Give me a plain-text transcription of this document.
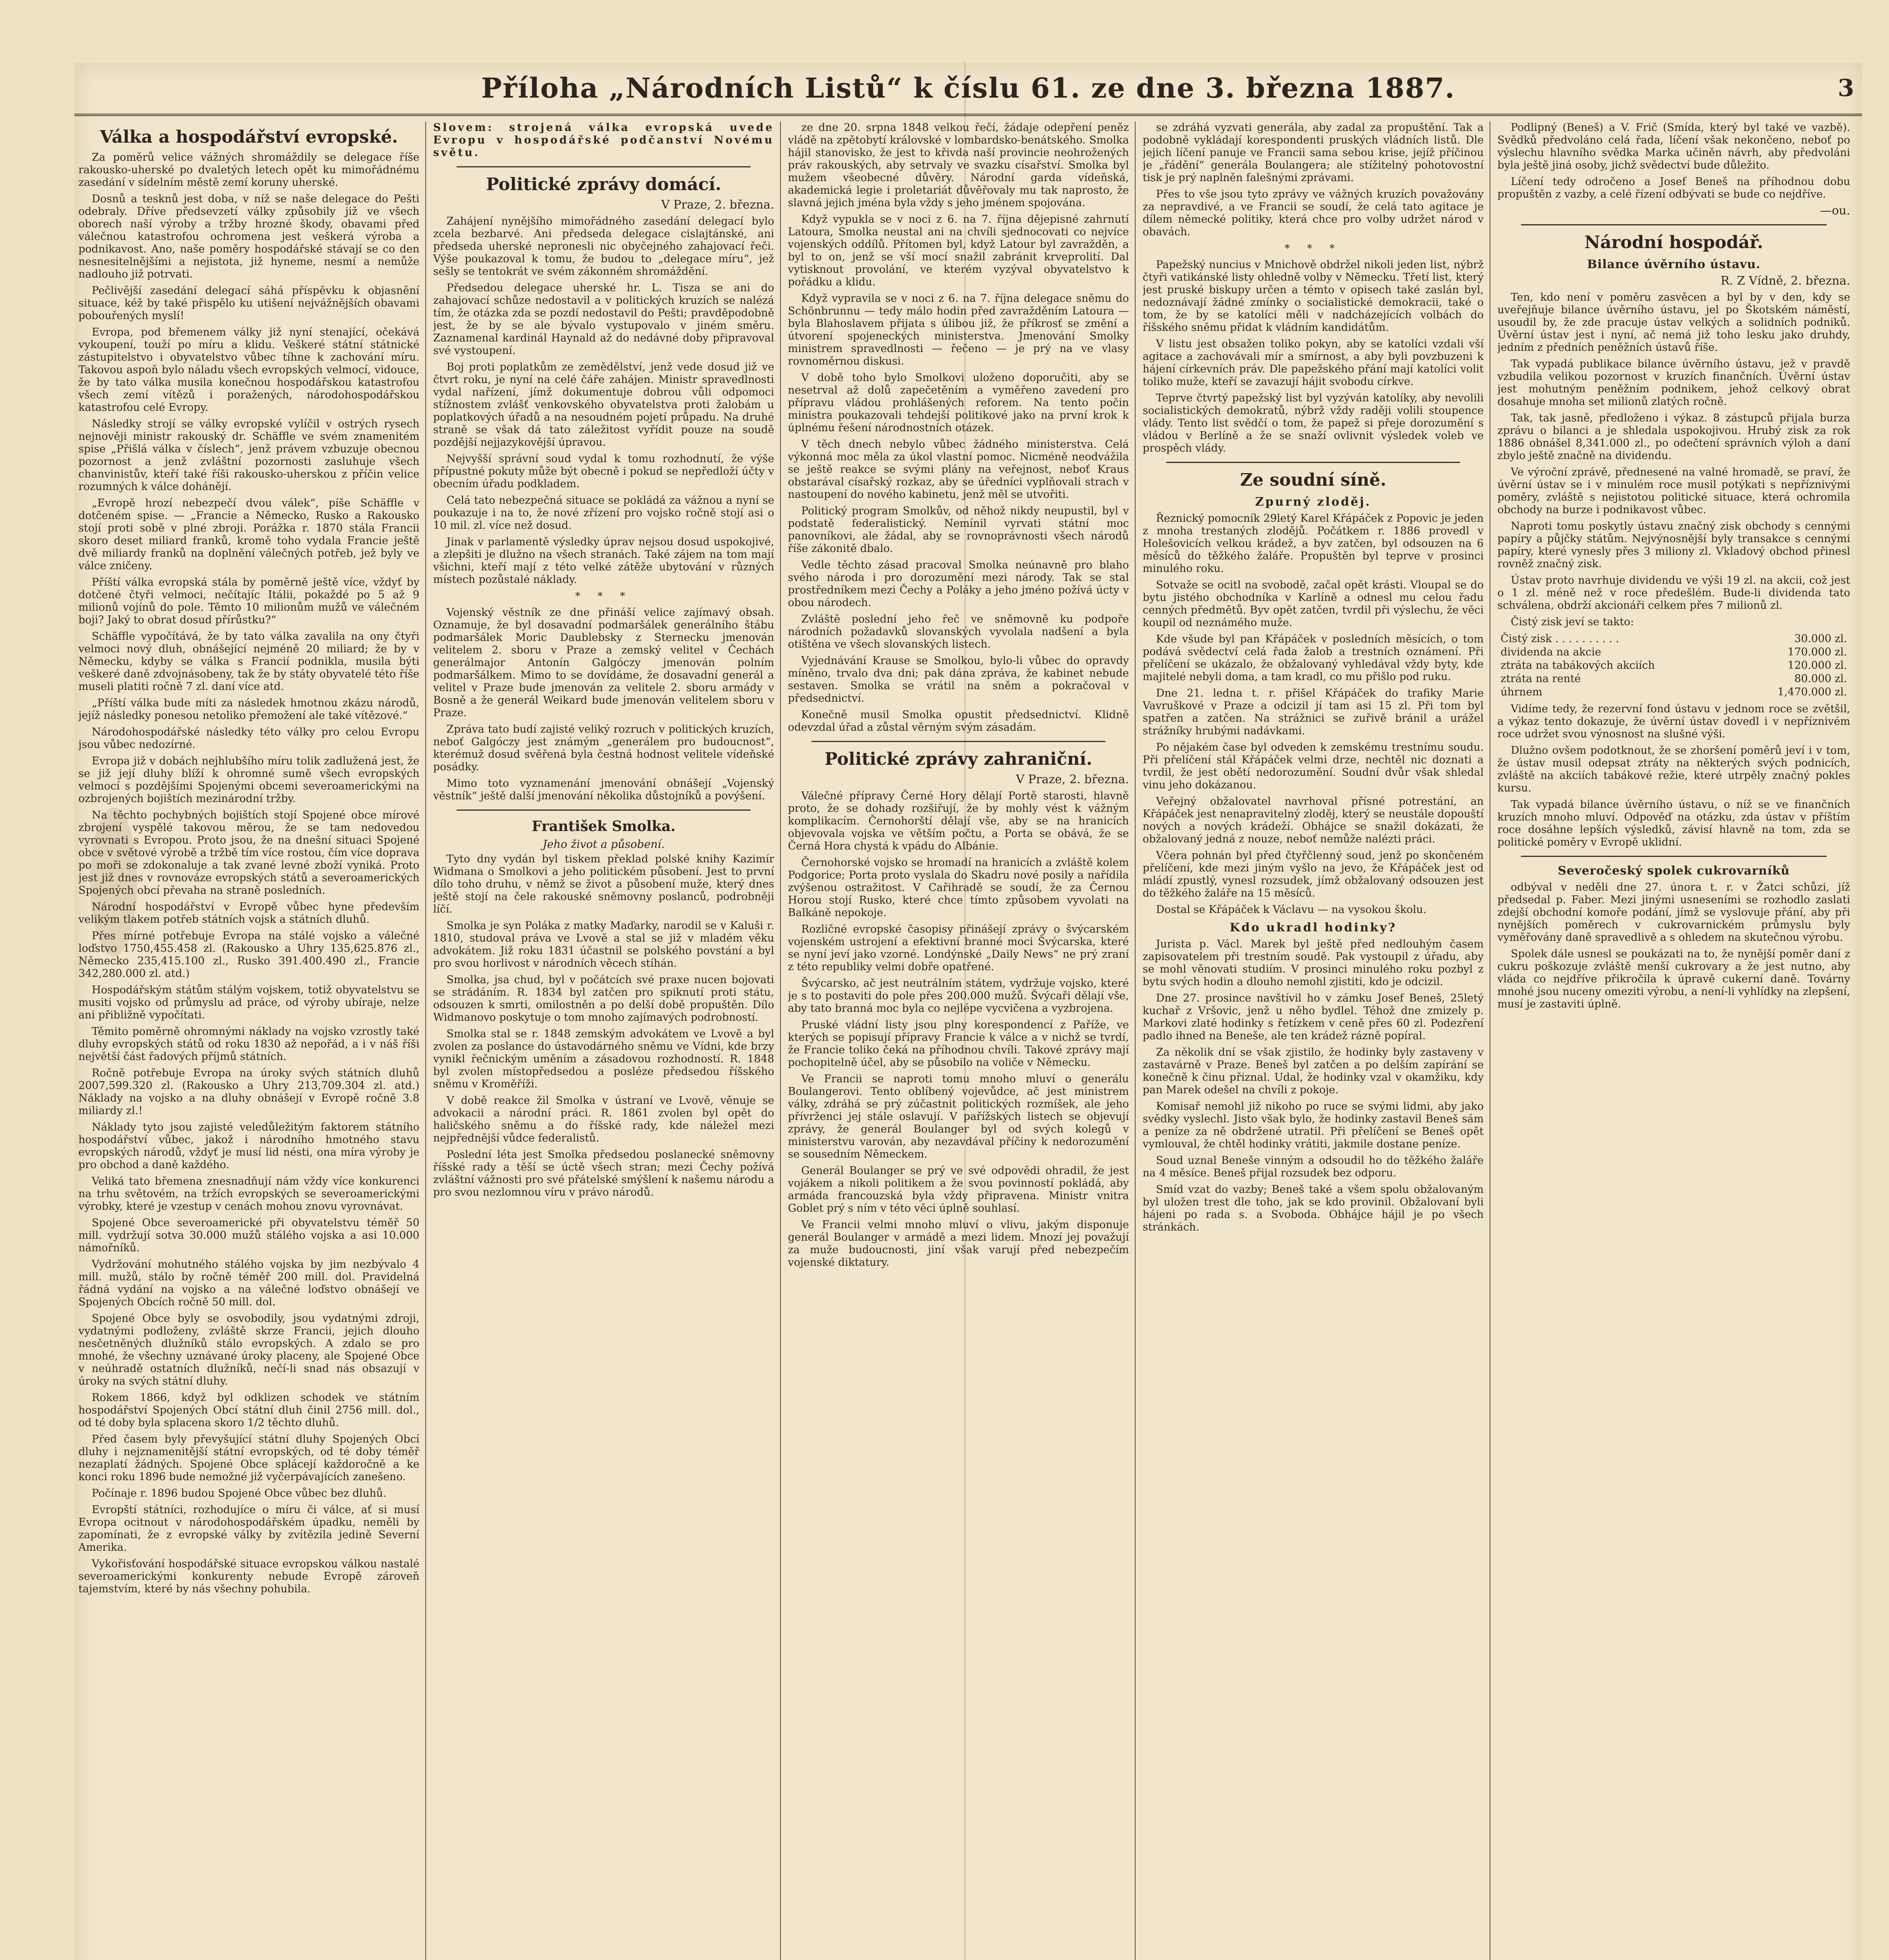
Příloha „Národních Listů“ k číslu 61. ze dne 3. března 1887.	3
Válka a hospodářství evropské.

Za poměrů velice vážných shromáždily se delegace říše rakousko-uherské po dvaletých letech opět ku mimořádnému zasedání v sídelním městě zemí koruny uherské.

Dosnů a tesknů jest doba, v níž se naše delegace do Pešti odebraly. Dříve předsevzetí války způsobily již ve všech oborech naší výroby a tržby hrozné škody, obavami před válečnou katastrofou ochromena jest veškerá výroba a podnikavost. Ano, naše poměry hospodářské stávají se co den nesnesitelnějšími a nejistota, již hyneme, nesmí a nemůže nadlouho již potrvati.

Pečlivější zasedání delegací sáhá příspěvku k objasnění situace, kéž by také přispělo ku utišení nejvážnějších obavami pobouřených myslí!

Evropa, pod břemenem války již nyní stenající, očekává vykoupení, touží po míru a klidu. Veškeré státní státnické zástupitelstvo i obyvatelstvo vůbec tíhne k zachování míru. Takovou aspoň bylo náladu všech evropských velmocí, vidouce, že by tato válka musila konečnou hospodářskou katastrofou všech zemí vítězů i poražených, národohospodářskou katastrofou celé Evropy.

Následky strojí se války evropské vylíčil v ostrých rysech nejnověji ministr rakouský dr. Schäffle ve svém znamenitém spise „Přišlá válka v číslech“, jenž právem vzbuzuje obecnou pozornost a jenž zvláštní pozornosti zasluhuje všech chanvinistův, kteří také říši rakousko-uherskou z příčin velice rozumných k válce dohánějí.

„Evropě hrozí nebezpečí dvou válek“, píše Schäffle v dotčeném spise. — „Francie a Německo, Rusko a Rakousko stojí proti sobě v plné zbroji. Porážka r. 1870 stála Francii skoro deset miliard franků, kromě toho vydala Francie ještě dvě miliardy franků na doplnění válečných potřeb, jež byly ve válce zničeny.

Příští válka evropská stála by poměrně ještě více, vždyť by dotčené čtyři velmoci, nečítajíc Itálii, pokaždé po 5 až 9 milionů vojínů do pole. Těmto 10 milionům mužů ve válečném boji? Jaký to obrat dosud přírůstku?“

Schäffle vypočítává, že by tato válka zavalila na ony čtyři velmoci nový dluh, obnášející nejméně 20 miliard; že by v Německu, kdyby se válka s Francií podnikla, musila býti veškeré daně zdvojnásobeny, tak že by státy obyvatelé této říše museli platiti ročně 7 zl. daní více atd.

„Příští válka bude míti za následek hmotnou zkázu národů, jejíž následky ponesou netoliko přemožení ale také vítězové.“

Národohospodářské následky této války pro celou Evropu jsou vůbec nedozírné.

Evropa již v dobách nejhlubšího míru tolik zadlužená jest, že se již její dluhy blíží k ohromné sumě všech evropských velmocí s pozdějšími Spojenými obcemi severoamerickými na ozbrojených bojištích mezinárodní tržby.

Na těchto pochybných bojištích stojí Spojené obce mírové zbrojení vyspělé takovou měrou, že se tam nedovedou vyrovnati s Evropou. Proto jsou, že na dnešní situaci Spojené obce v světové výrobě a tržbě tím více rostou, čím více doprava po moři se zdokonaluje a tak zvané levné zboží vyniká. Proto jest již dnes v rovnováze evropských států a severoamerických Spojených obcí převaha na straně posledních.

Národní hospodářství v Evropě vůbec hyne především velikým tlakem potřeb státních vojsk a státních dluhů.

Přes mírné potřebuje Evropa na stálé vojsko a válečné loďstvo 1750,455.458 zl. (Rakousko a Uhry 135,625.876 zl., Německo 235,415.100 zl., Rusko 391.400.490 zl., Francie 342,280.000 zl. atd.)

Hospodářským státům stálým vojskem, totiž obyvatelstvu se musiti vojsko od průmyslu ad práce, od výroby ubíraje, nelze ani přibližně vypočítati.

Těmito poměrně ohromnými náklady na vojsko vzrostly také dluhy evropských států od roku 1830 až nepořád, a i v náš říši největší část řadových příjmů státních.

Ročně potřebuje Evropa na úroky svých státních dluhů 2007,599.320 zl. (Rakousko a Uhry 213,709.304 zl. atd.) Náklady na vojsko a na dluhy obnášejí v Evropě ročně 3.8 miliardy zl.!

Náklady tyto jsou zajisté veledůležitým faktorem státního hospodářství vůbec, jakož i národního hmotného stavu evropských národů, vždyť je musí lid nésti, ona míra výroby je pro obchod a daně každého.

Veliká tato břemena znesnadňují nám vždy více konkurenci na trhu světovém, na tržích evropských se severoamerickými výrobky, které je vzestup v cenách mohou znovu vyrovnávat.

Spojené Obce severoamerické při obyvatelstvu téměř 50 mill. vydržují sotva 30.000 mužů stálého vojska a asi 10.000 námořníků.

Vydržování mohutného stálého vojska by jim nezbývalo 4 mill. mužů, stálo by ročně téměř 200 mill. dol. Pravidelná řádná vydání na vojsko a na válečné loďstvo obnášejí ve Spojených Obcích ročně 50 mill. dol.

Spojené Obce byly se osvobodily, jsou vydatnými zdroji, vydatnými podloženy, zvláště skrze Francii, jejich dlouho nesčetněných dlužníků stálo evropských. A zdalo se pro mnohé, že všechny uznávané úroky placeny, ale Spojené Obce v neúhradě ostatních dlužníků, nečí-li snad nás obsazují v úroky na svých státní dluhy.

Rokem 1866, když byl odklizen schodek ve státním hospodářství Spojených Obcí státní dluh činil 2756 mill. dol., od té doby byla splacena skoro 1/2 těchto dluhů.

Před časem byly převyšující státní dluhy Spojených Obcí dluhy i nejznamenitější státní evropských, od té doby téměř nezaplatí žádných. Spojené Obce splácejí každoročně a ke konci roku 1896 bude nemožné již vyčerpávajících zanešeno.

Počínaje r. 1896 budou Spojené Obce vůbec bez dluhů.

Evropští státníci, rozhodujíce o míru či válce, ať si musí Evropa ocitnout v národohospodářském úpadku, neměli by zapomínati, že z evropské války by zvítězila jedině Severní Amerika.

Vykořisťování hospodářské situace evropskou válkou nastalé severoamerickými konkurenty nebude Evropě zároveň tajemstvím, které by nás všechny pohubila.

Slovem: strojená válka evropská uvede Evropu v hospodářské podčanství Novému světu.

Politické zprávy domácí.
V Praze, 2. března.

Zahájení nynějšího mimořádného zasedání delegací bylo zcela bezbarvé. Ani předseda delegace cislajtánské, ani předseda uherské nepronesli nic obyčejného zahajovací řeči. Výše poukazoval k tomu, že budou to „delegace míru“, jež sešly se tentokrát ve svém zákonném shromáždění.

Předsedou delegace uherské hr. L. Tisza se ani do zahajovací schůze nedostavil a v politických kruzích se nalézá tím, že otázka zda se pozdí nedostavil do Pešti; pravděpodobně jest, že by se ale bývalo vystupovalo v jiném směru. Zaznamenal kardinál Haynald až do nedávné doby připravoval své vystoupení.

Boj proti poplatkům ze zemědělství, jenž vede dosud již ve čtvrt roku, je nyní na celé čáře zahájen. Ministr spravedlnosti vydal nařízení, jímž dokumentuje dobrou vůli odpomoci stížnostem zvlášť venkovského obyvatelstva proti žalobám u poplatkových úřadů a na nesoudném pojetí průpadu. Na druhé straně se však dá tato záležitost vyřídit pouze na soudě pozdější nejjazykovější úpravou.

Nejvyšší správní soud vydal k tomu rozhodnutí, že výše přípustné pokuty může být obecně i pokud se nepředloží účty v obecním úřadu podkladem.

Celá tato nebezpečná situace se pokládá za vážnou a nyní se poukazuje i na to, že nové zřízení pro vojsko ročně stojí asi o 10 mil. zl. více než dosud.

Jinak v parlamentě výsledky úprav nejsou dosud uspokojivé, a zlepšiti je dlužno na všech stranách. Také zájem na tom mají všichni, kteří mají z této velké zátěže ubytování v různých místech pozůstalé náklady.

* * *

Vojenský věstník ze dne přináší velice zajímavý obsah. Oznamuje, že byl dosavadní podmaršálek generálního štábu podmaršálek Moric Daublebsky z Sternecku jmenován velitelem 2. sboru v Praze a zemský velitel v Čechách generálmajor Antonín Galgóczy jmenován polním podmaršálkem. Mimo to se dovídáme, že dosavadní generál a velitel v Praze bude jmenován za velitele 2. sboru armády v Bosně a že generál Weikard bude jmenován velitelem sboru v Praze.

Zpráva tato budí zajisté veliký rozruch v politických kruzích, neboť Galgóczy jest známým „generálem pro budoucnost“, kterémuž dosud svěřená byla čestná hodnost velitele vídeňské posádky.

Mimo toto vyznamenání jmenování obnášejí „Vojenský věstník“ ještě další jmenování několika důstojníků a povýšení.

František Smolka.
Jeho život a působení.

Tyto dny vydán byl tiskem překlad polské knihy Kazimír Widmana o Smolkovi a jeho politickém působení. Jest to první dílo toho druhu, v němž se život a působení muže, který dnes ještě stojí na čele rakouské sněmovny poslanců, podrobněji líčí.

Smolka je syn Poláka z matky Maďarky, narodil se v Kaluši r. 1810, studoval práva ve Lvově a stal se již v mladém věku advokátem. Již roku 1831 účastnil se polského povstání a byl pro svou horlivost v národních věcech stíhán.

Smolka, jsa chud, byl v počátcích své praxe nucen bojovati se strádáním. R. 1834 byl zatčen pro spiknutí proti státu, odsouzen k smrti, omilostněn a po delší době propuštěn. Dílo Widmanovo poskytuje o tom mnoho zajímavých podrobností.

Smolka stal se r. 1848 zemským advokátem ve Lvově a byl zvolen za poslance do ústavodárného sněmu ve Vídni, kde brzy vynikl řečnickým uměním a zásadovou rozhodností. R. 1848 byl zvolen místopředsedou a posléze předsedou říšského sněmu v Kroměříži.

V době reakce žil Smolka v ústraní ve Lvově, věnuje se advokacii a národní práci. R. 1861 zvolen byl opět do haličského sněmu a do říšské rady, kde náležel mezi nejpřednější vůdce federalistů.

Poslední léta jest Smolka předsedou poslanecké sněmovny říšské rady a těší se úctě všech stran; mezi Čechy požívá zvláštní vážnosti pro své přátelské smýšlení k našemu národu a pro svou nezlomnou víru v právo národů.

ze dne 20. srpna 1848 velkou řečí, žádaje odepření peněz vládě na zpětobytí královské v lombardsko-benátského. Smolka hájil stanovisko, že jest to křivda naší provincie neohrožených práv rakouských, aby setrvaly ve svazku císařství. Smolka byl mužem všeobecné důvěry. Národní garda vídeňská, akademická legie i proletariát důvěřovaly mu tak naprosto, že slavná jejich jména byla vždy s jeho jménem spojována.

Když vypukla se v noci z 6. na 7. října dějepisné zahrnutí Latoura, Smolka neustal ani na chvíli sjednocovati co nejvíce vojenských oddílů. Přítomen byl, když Latour byl zavražděn, a byl to on, jenž se vší mocí snažil zabránit krveprolití. Dal vytisknout provolání, ve kterém vyzýval obyvatelstvo k pořádku a klidu.

Když vypravila se v noci z 6. na 7. října delegace sněmu do Schönbrunnu — tedy málo hodin před zavražděním Latoura — byla Blahoslavem přijata s úlibou již, že příkrosť se změní a útvorení spojeneckých ministerstva. Jmenování Smolky ministrem spravedlnosti — řečeno — je prý na ve vlasy rovnoměrnou diskusi.

V době toho bylo Smolkovi uloženo doporučiti, aby se nesetrval až dolů zapečetěním a vyměřeno zavedení pro přípravu vládou prohlášených reforem. Na tento počin ministra poukazovali tehdejší politikové jako na první krok k úplnému řešení národnostních otázek.

V těch dnech nebylo vůbec žádného ministerstva. Celá výkonná moc měla za úkol vlastní pomoc. Nicméně neodvážila se ještě reakce se svými plány na veřejnost, neboť Kraus obstarával císařský rozkaz, aby se úředníci vyplňovali strach v nastoupení do nového kabinetu, jenž měl se utvořiti.

Politický program Smolkův, od něhož nikdy neupustil, byl v podstatě federalistický. Nemínil vyrvati státní moc panovníkovi, ale žádal, aby se rovnoprávnosti všech národů říše zákonitě dbalo.

Vedle těchto zásad pracoval Smolka neúnavně pro blaho svého národa i pro dorozumění mezi národy. Tak se stal prostředníkem mezi Čechy a Poláky a jeho jméno požívá úcty v obou národech.

Zvláště poslední jeho řeč ve sněmovně ku podpoře národních požadavků slovanských vyvolala nadšení a byla otištěna ve všech slovanských listech.

Vyjednávání Krause se Smolkou, bylo-li vůbec do opravdy míněno, trvalo dva dni; pak dána zpráva, že kabinet nebude sestaven. Smolka se vrátil na sněm a pokračoval v předsednictví.

Konečně musil Smolka opustit předsednictví. Klidně odevzdal úřad a zůstal věrným svým zásadám.

Politické zprávy zahraniční.
V Praze, 2. března.

Válečné přípravy Černé Hory dělají Portě starosti, hlavně proto, že se dohady rozšiřují, že by mohly vést k vážným komplikacím. Černohorští dělají vše, aby se na hranicích objevovala vojska ve větším počtu, a Porta se obává, že se Černá Hora chystá k vpádu do Albánie.

Černohorské vojsko se hromadí na hranicích a zvláště kolem Podgorice; Porta proto vyslala do Skadru nové posily a nařídila zvýšenou ostražitost. V Cařihradě se soudí, že za Černou Horou stojí Rusko, které chce tímto způsobem vyvolati na Balkáně nepokoje.

Rozličné evropské časopisy přinášejí zprávy o švýcarském vojenském ustrojení a efektivní branné moci Švýcarska, které se nyní jeví jako vzorné. Londýnské „Daily News“ ne prý zraní z této republiky velmi dobře opatřené.

Švýcarsko, ač jest neutrálním státem, vydržuje vojsko, které je s to postaviti do pole přes 200.000 mužů. Švýcaři dělají vše, aby tato branná moc byla co nejlépe vycvičena a vyzbrojena.

Pruské vládní listy jsou plny korespondencí z Paříže, ve kterých se popisují přípravy Francie k válce a v nichž se tvrdí, že Francie toliko čeká na příhodnou chvíli. Takové zprávy mají pochopitelně účel, aby se působilo na voliče v Německu.

Ve Francii se naproti tomu mnoho mluví o generálu Boulangerovi. Tento oblíbený vojevůdce, ač jest ministrem války, zdráhá se prý zúčastnit politických rozmíšek, ale jeho přívrženci jej stále oslavují. V pařížských listech se objevují zprávy, že generál Boulanger byl od svých kolegů v ministerstvu varován, aby nezavdával příčiny k nedorozumění se sousedním Německem.

Generál Boulanger se prý ve své odpovědi ohradil, že jest vojákem a nikoli politikem a že svou povinností pokládá, aby armáda francouzská byla vždy připravena. Ministr vnitra Goblet prý s ním v této věci úplně souhlasí.

Ve Francii velmi mnoho mluví o vlivu, jakým disponuje generál Boulanger v armádě a mezi lidem. Mnozí jej považují za muže budoucnosti, jiní však varují před nebezpečím vojenské diktatury.

se zdráhá vyzvati generála, aby zadal za propuštění. Tak a podobně vykládají korespondenti pruských vládních listů. Dle jejich líčení panuje ve Francii sama sebou krise, jejíž příčinou je „řádění“ generála Boulangera; ale stížitelný pohotovostní tisk je prý naplněn falešnými zprávami.

Přes to vše jsou tyto zprávy ve vážných kruzích považovány za nepravdivé, a ve Francii se soudí, že celá tato agitace je dílem německé politiky, která chce pro volby udržet národ v obavách.

* * *

Papežský nuncius v Mnichově obdržel nikoli jeden list, nýbrž čtyři vatikánské listy ohledně volby v Německu. Třetí list, který jest pruské biskupy určen a témto v opisech také zaslán byl, nedoznávají žádné zmínky o socialistické demokracii, také o tom, že by se katolíci měli v nadcházejících volbách do říšského sněmu přidat k vládním kandidátům.

V listu jest obsažen toliko pokyn, aby se katolíci vzdali vší agitace a zachovávali mír a smírnost, a aby byli povzbuzeni k hájení církevních práv. Dle papežského přání mají katolíci volit toliko muže, kteří se zavazují hájit svobodu církve.

Teprve čtvrtý papežský list byl vyzýván katolíky, aby nevolili socialistických demokratů, nýbrž vždy raději volili stoupence vlády. Tento list svědčí o tom, že papež si přeje dorozumění s vládou v Berlíně a že se snaží ovlivnit výsledek voleb ve prospěch vlády.

Ze soudní síně.
Zpurný zloděj.

Řeznický pomocník 29letý Karel Křápáček z Popovic je jeden z mnoha trestaných zlodějů. Počátkem r. 1886 provedl v Holešovicích velkou krádež, a byv zatčen, byl odsouzen na 6 měsíců do těžkého žaláře. Propuštěn byl teprve v prosinci minulého roku.

Sotvaže se ocitl na svobodě, začal opět krásti. Vloupal se do bytu jistého obchodníka v Karlíně a odnesl mu celou řadu cenných předmětů. Byv opět zatčen, tvrdil při výslechu, že věci koupil od neznámého muže.

Kde všude byl pan Křápáček v posledních měsících, o tom podává svědectví celá řada žalob a trestních oznámení. Při přelíčení se ukázalo, že obžalovaný vyhledával vždy byty, kde majitelé nebyli doma, a tam kradl, co mu přišlo pod ruku.

Dne 21. ledna t. r. přišel Křápáček do trafiky Marie Vavruškové v Praze a odcizil jí tam asi 15 zl. Při tom byl spatřen a zatčen. Na strážnici se zuřivě bránil a urážel strážníky hrubými nadávkami.

Po nějakém čase byl odveden k zemskému trestnímu soudu. Při přelíčení stál Křápáček velmi drze, nechtěl nic doznati a tvrdil, že jest obětí nedorozumění. Soudní dvůr však shledal vinu jeho dokázanou.

Veřejný obžalovatel navrhoval přísné potrestání, an Křápáček jest nenapravitelný zloděj, který se neustále dopouští nových a nových krádeží. Obhájce se snažil dokázati, že obžalovaný jedná z nouze, neboť nemůže nalézti práci.

Včera pohnán byl před čtyřčlenný soud, jenž po skončeném přelíčení, kde mezi jiným vyšlo na jevo, že Křápáček jest od mládí zpustlý, vynesl rozsudek, jímž obžalovaný odsouzen jest do těžkého žaláře na 15 měsíců.

Dostal se Křápáček k Václavu — na vysokou školu.

Kdo ukradl hodinky?

Jurista p. Václ. Marek byl ještě před nedlouhým časem zapisovatelem při trestním soudě. Pak vystoupil z úřadu, aby se mohl věnovati studiím. V prosinci minulého roku pozbyl z bytu svých hodin a dlouho nemohl zjistiti, kdo je odcizil.

Dne 27. prosince navštívil ho v zámku Josef Beneš, 25letý kuchař z Vršovic, jenž u něho bydlel. Téhož dne zmizely p. Markovi zlaté hodinky s řetízkem v ceně přes 60 zl. Podezření padlo ihned na Beneše, ale ten krádež rázně popíral.

Za několik dní se však zjistilo, že hodinky byly zastaveny v zastavárně v Praze. Beneš byl zatčen a po delším zapírání se konečně k činu přiznal. Udal, že hodinky vzal v okamžiku, kdy pan Marek odešel na chvíli z pokoje.

Komisař nemohl již nikoho po ruce se svými lidmi, aby jako svědky vyslechl. Jisto však bylo, že hodinky zastavil Beneš sám a peníze za ně obdržené utratil. Při přelíčení se Beneš opět vymlouval, že chtěl hodinky vrátiti, jakmile dostane peníze.

Soud uznal Beneše vinným a odsoudil ho do těžkého žaláře na 4 měsíce. Beneš přijal rozsudek bez odporu.

Smíd vzat do vazby; Beneš také a všem spolu obžalovaným byl uložen trest dle toho, jak se kdo provinil. Obžalovaní byli hájeni po rada s. a Svoboda. Obhájce hájil je po všech stránkách.

Podlipný (Beneš) a V. Frič (Smída, který byl také ve vazbě). Svědků předvoláno celá řada, líčení však nekončeno, neboť po výslechu hlavního svědka Marka učiněn návrh, aby předvoláni byla ještě jiná osoby, jichž svědectví bude důležito.

Líčení tedy odročeno a Josef Beneš na příhodnou dobu propuštěn z vazby, a celé řízení odbývati se bude co nejdříve.

—ou.
Národní hospodář.
Bilance úvěrního ústavu.
R. Z Vídně, 2. března.

Ten, kdo není v poměru zasvěcen a byl by v den, kdy se uveřejňuje bilance úvěrního ústavu, jel po Škotském náměstí, usoudil by, že zde pracuje ústav velkých a solidních podniků. Úvěrní ústav jest i nyní, ač nemá již toho lesku jako druhdy, jedním z předních peněžních ústavů říše.

Tak vypadá publikace bilance úvěrního ústavu, jež v pravdě vzbudila velikou pozornost v kruzích finančních. Úvěrní ústav jest mohutným peněžním podnikem, jehož celkový obrat dosahuje mnoha set milionů zlatých ročně.

Tak, tak jasně, předloženo i výkaz. 8 zástupců přijala burza zprávu o bilanci a je shledala uspokojivou. Hrubý zisk za rok 1886 obnášel 8,341.000 zl., po odečtení správních výloh a daní zbylo ještě značně na dividendu.

Ve výroční zprávě, přednesené na valné hromadě, se praví, že úvěrní ústav se i v minulém roce musil potýkati s nepříznivými poměry, zvláště s nejistotou politické situace, která ochromila obchody na burze i podnikavost vůbec.

Naproti tomu poskytly ústavu značný zisk obchody s cennými papíry a půjčky státům. Nejvýnosnější byly transakce s cennými papíry, které vynesly přes 3 miliony zl. Vkladový obchod přinesl rovněž značný zisk.

Ústav proto navrhuje dividendu ve výši 19 zl. na akcii, což jest o 1 zl. méně než v roce předešlém. Bude-li dividenda tato schválena, obdrží akcionáři celkem přes 7 milionů zl.

Čistý zisk jeví se takto:

Čistý zisk . . . . . . . . . .	30.000 zl.
dividenda na akcie	170.000 zl.
ztráta na tabákových akciích	120.000 zl.
ztráta na renté	80.000 zl.
úhrnem	1,470.000 zl.

Vidíme tedy, že rezervní fond ústavu v jednom roce se zvětšil, a výkaz tento dokazuje, že úvěrní ústav dovedl i v nepříznivém roce udržet svou výnosnost na slušné výši.

Dlužno ovšem podotknout, že se zhoršení poměrů jeví i v tom, že ústav musil odepsat ztráty na některých svých podnicích, zvláště na akciích tabákové režie, které utrpěly značný pokles kursu.

Tak vypadá bilance úvěrního ústavu, o níž se ve finančních kruzích mnoho mluví. Odpověď na otázku, zda ústav v příštím roce dosáhne lepších výsledků, závisí hlavně na tom, zda se politické poměry v Evropě uklidní.

Severočeský spolek cukrovarníků

odbýval v neděli dne 27. února t. r. v Žatci schůzi, jíž předsedal p. Faber. Mezi jinými usneseními se rozhodlo zaslati zdejší obchodní komoře podání, jímž se vyslovuje přání, aby při nynějších poměrech v cukrovarnickém průmyslu byly vyměřovány daně spravedlivě a s ohledem na skutečnou výrobu.

Spolek dále usnesl se poukázati na to, že nynější poměr daní z cukru poškozuje zvláště menší cukrovary a že jest nutno, aby vláda co nejdříve přikročila k úpravě cukerní daně. Továrny mnohé jsou nuceny omeziti výrobu, a není-li vyhlídky na zlepšení, musí je zastaviti úplně.
